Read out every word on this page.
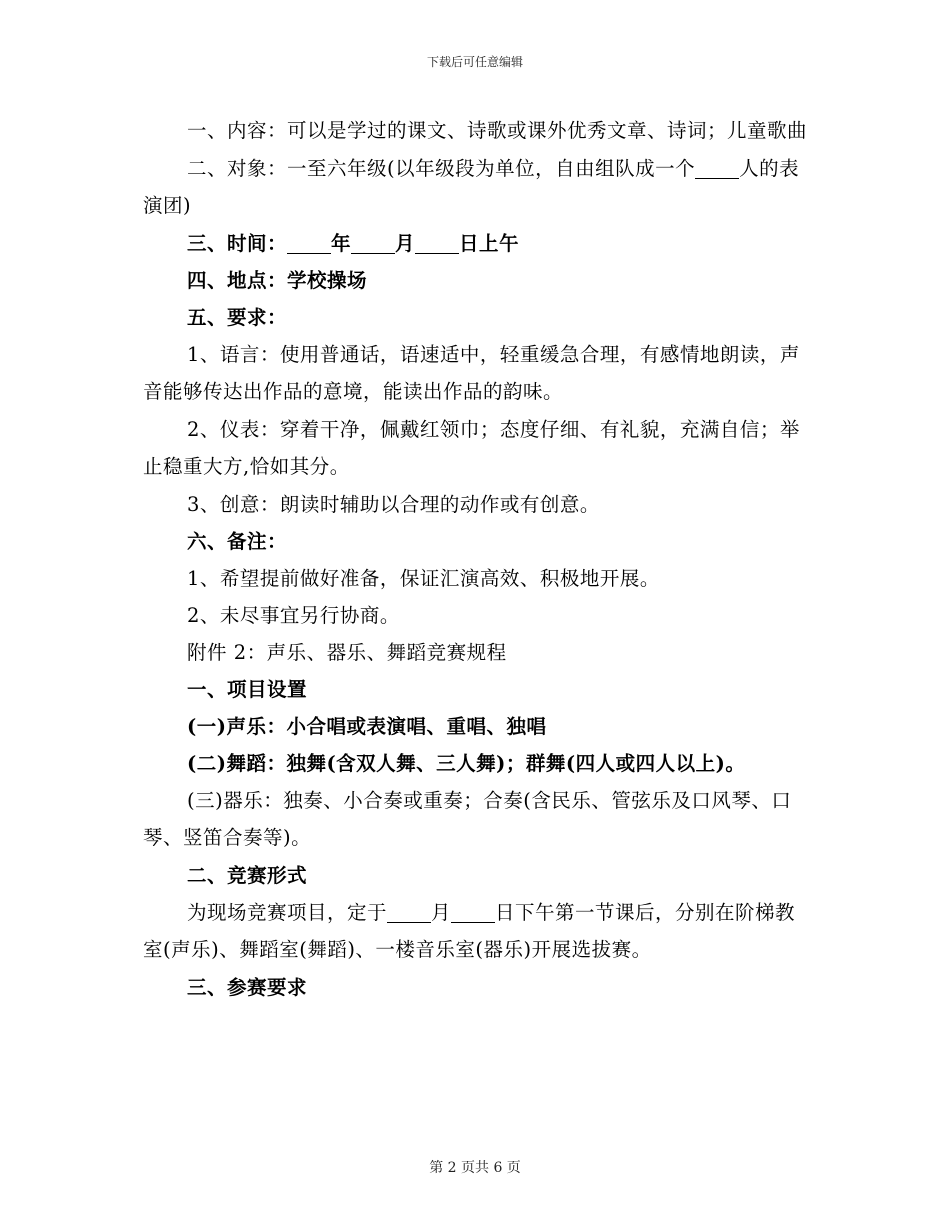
下载后可任意编辑

一、内容：可以是学过的课文、诗歌或课外优秀文章、诗词；儿童歌曲

二、对象：一至六年级(以年级段为单位，自由组队成一个 人的表演团)

三、时间： 年 月 日上午

四、地点：学校操场

五、要求：

1、语言：使用普通话，语速适中，轻重缓急合理，有感情地朗读，声音能够传达出作品的意境，能读出作品的韵味。

2、仪表：穿着干净，佩戴红领巾；态度仔细、有礼貌，充满自信；举止稳重大方,恰如其分。

3、创意：朗读时辅助以合理的动作或有创意。

六、备注：

1、希望提前做好准备，保证汇演高效、积极地开展。

2、未尽事宜另行协商。

附件 2：声乐、器乐、舞蹈竞赛规程

一、项目设置

(一)声乐：小合唱或表演唱、重唱、独唱

(二)舞蹈：独舞(含双人舞、三人舞)；群舞(四人或四人以上)。

(三)器乐：独奏、小合奏或重奏；合奏(含民乐、管弦乐及口风琴、口琴、竖笛合奏等)。

二、竞赛形式

为现场竞赛项目，定于 月 日下午第一节课后，分别在阶梯教室(声乐)、舞蹈室(舞蹈)、一楼音乐室(器乐)开展选拔赛。

三、参赛要求

第 2 页共 6 页
